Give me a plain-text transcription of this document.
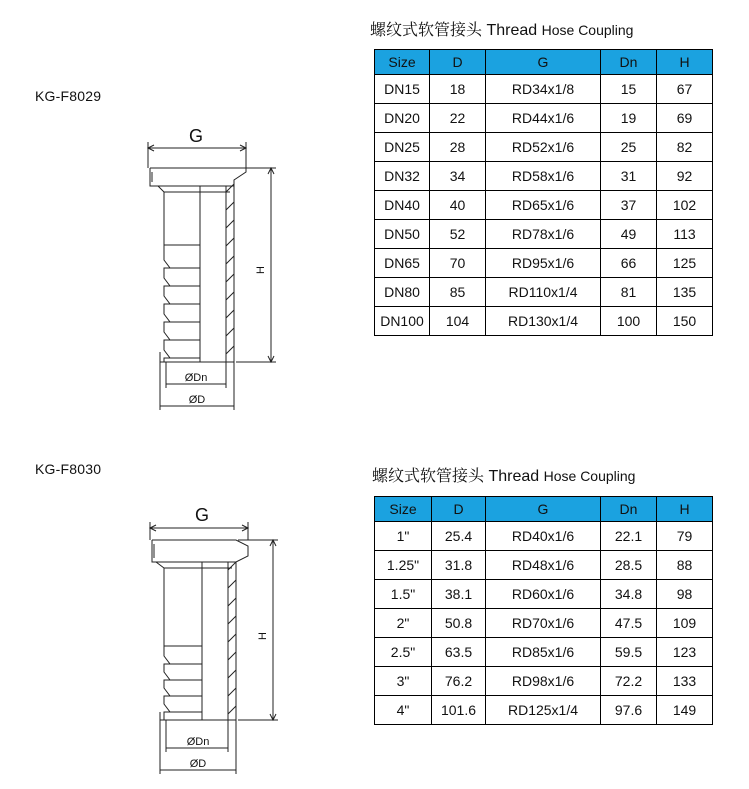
KG-F8029
螺纹式软管接头 Thread Hose Coupling
Size	D	G	Dn	H
DN15	18	RD34x1/8	15	67
DN20	22	RD44x1/6	19	69
DN25	28	RD52x1/6	25	82
DN32	34	RD58x1/6	31	92
DN40	40	RD65x1/6	37	102
DN50	52	RD78x1/6	49	113
DN65	70	RD95x1/6	66	125
DN80	85	RD110x1/4	81	135
DN100	104	RD130x1/4	100	150
G
H
ØDn
ØD
KG-F8030	螺纹式软管接头 Thread Hose Coupling
Size	D	G	Dn	H
1"	25.4	RD40x1/6	22.1	79
1.25"	31.8	RD48x1/6	28.5	88
1.5"	38.1	RD60x1/6	34.8	98
2"	50.8	RD70x1/6	47.5	109
2.5"	63.5	RD85x1/6	59.5	123
3"	76.2	RD98x1/6	72.2	133
4"	101.6	RD125x1/4	97.6	149
G
H
ØDn
ØD
